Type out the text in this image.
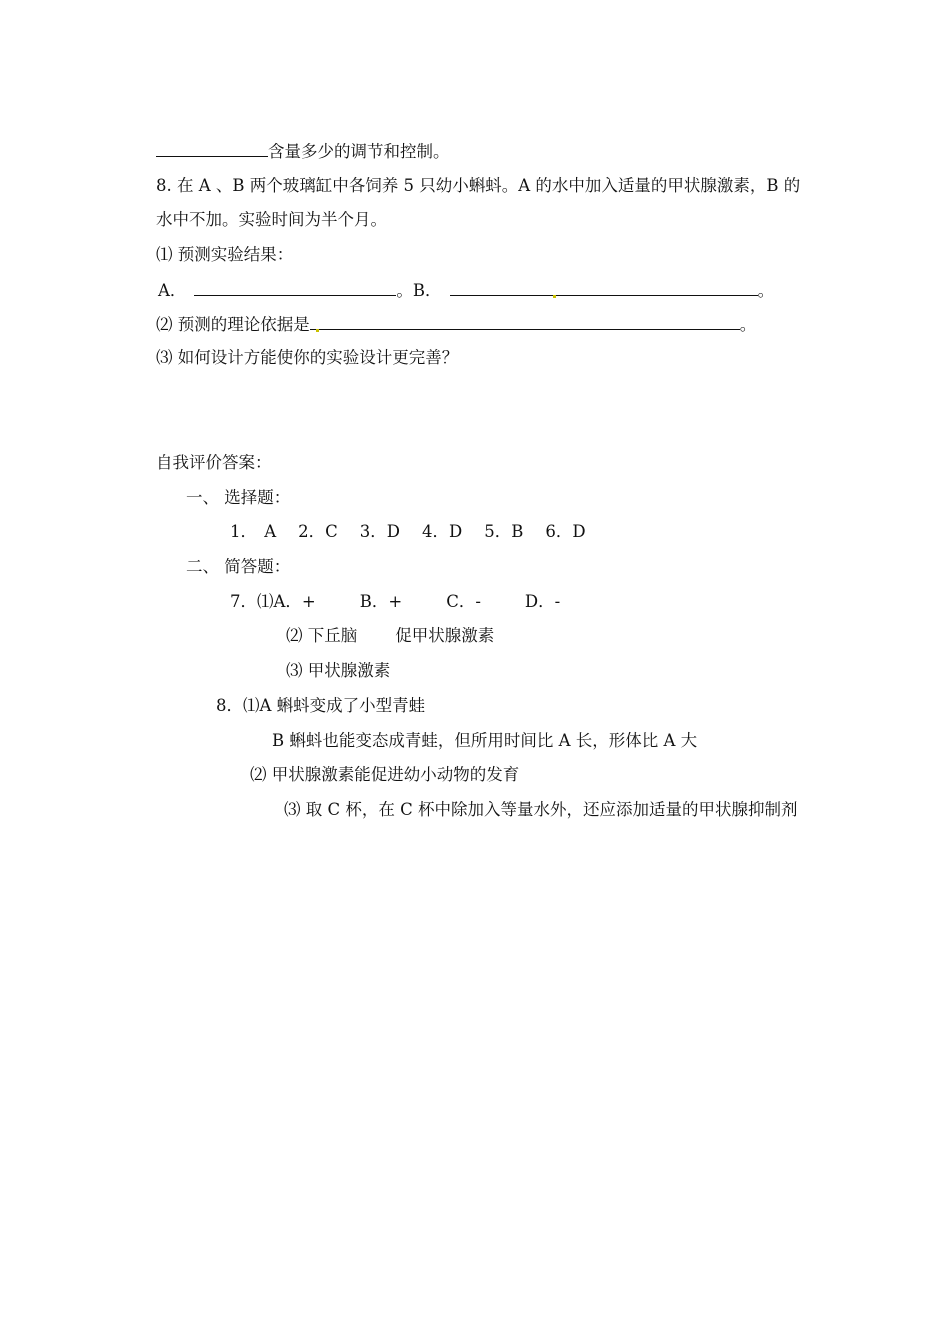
含量多少的调节和控制。
8. 在 A 、B 两个玻璃缸中各饲养 5 只幼小蝌蚪。A 的水中加入适量的甲状腺激素，B 的
水中不加。实验时间为半个月。
⑴ 预测实验结果：
A．	。B．	。
⑵ 预测的理论依据是	。
⑶ 如何设计方能使你的实验设计更完善？
自我评价答案：
一、 选择题：
1． A 2．C 3．D 4．D 5．B 6．D
二、 简答题：
7．⑴A．+	B．+	C．-	D．-
⑵ 下丘脑 促甲状腺激素
⑶ 甲状腺激素
8．⑴A 蝌蚪变成了小型青蛙
B 蝌蚪也能变态成青蛙，但所用时间比 A 长，形体比 A 大
⑵ 甲状腺激素能促进幼小动物的发育
⑶ 取 C 杯，在 C 杯中除加入等量水外，还应添加适量的甲状腺抑制剂
